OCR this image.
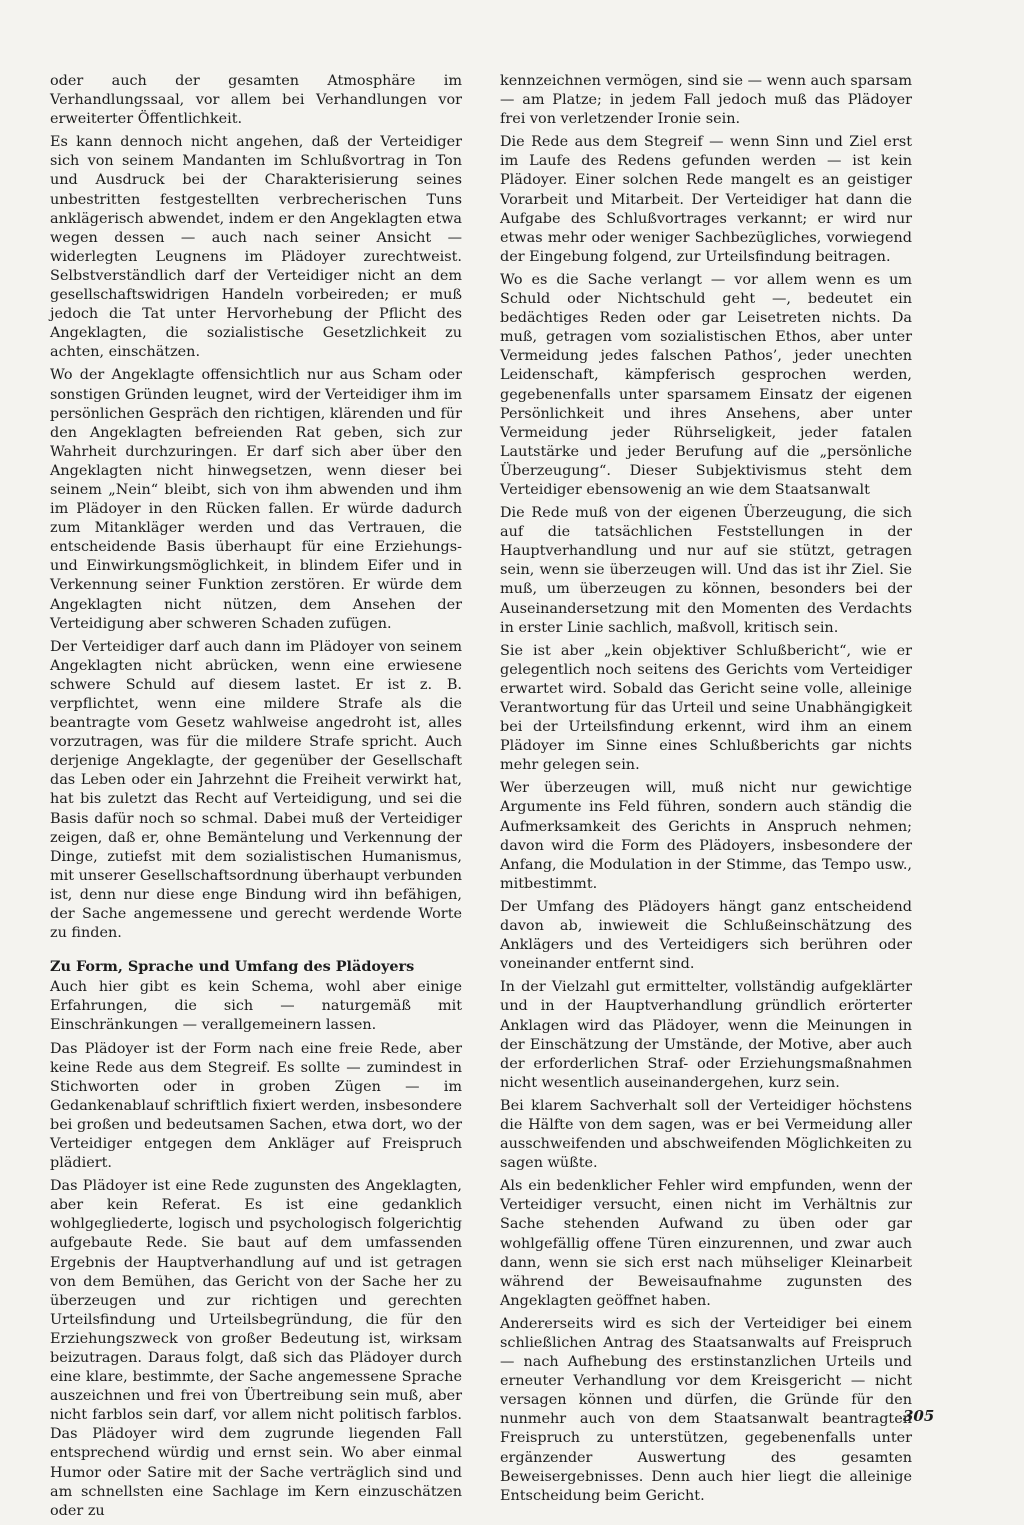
oder auch der gesamten Atmosphäre im Verhandlungssaal, vor allem bei Verhandlungen vor erweiterter Öffentlichkeit.

Es kann dennoch nicht angehen, daß der Verteidiger sich von seinem Mandanten im Schlußvortrag in Ton und Ausdruck bei der Charakterisierung seines unbestritten festgestellten verbrecherischen Tuns anklägerisch abwendet, indem er den Angeklagten etwa wegen dessen — auch nach seiner Ansicht — widerlegten Leugnens im Plädoyer zurechtweist. Selbstverständlich darf der Verteidiger nicht an dem gesellschaftswidrigen Handeln vorbeireden; er muß jedoch die Tat unter Hervorhebung der Pflicht des Angeklagten, die sozialistische Gesetzlichkeit zu achten, einschätzen.

Wo der Angeklagte offensichtlich nur aus Scham oder sonstigen Gründen leugnet, wird der Verteidiger ihm im persönlichen Gespräch den richtigen, klärenden und für den Angeklagten befreienden Rat geben, sich zur Wahrheit durchzuringen. Er darf sich aber über den Angeklagten nicht hinwegsetzen, wenn dieser bei seinem „Nein“ bleibt, sich von ihm abwenden und ihm im Plädoyer in den Rücken fallen. Er würde dadurch zum Mitankläger werden und das Vertrauen, die entscheidende Basis überhaupt für eine Erziehungs- und Einwirkungsmöglichkeit, in blindem Eifer und in Verkennung seiner Funktion zerstören. Er würde dem Angeklagten nicht nützen, dem Ansehen der Verteidigung aber schweren Schaden zufügen.

Der Verteidiger darf auch dann im Plädoyer von seinem Angeklagten nicht abrücken, wenn eine erwiesene schwere Schuld auf diesem lastet. Er ist z. B. verpflichtet, wenn eine mildere Strafe als die beantragte vom Gesetz wahlweise angedroht ist, alles vorzutragen, was für die mildere Strafe spricht. Auch derjenige Angeklagte, der gegenüber der Gesellschaft das Leben oder ein Jahrzehnt die Freiheit verwirkt hat, hat bis zuletzt das Recht auf Verteidigung, und sei die Basis dafür noch so schmal. Dabei muß der Verteidiger zeigen, daß er, ohne Bemäntelung und Verkennung der Dinge, zutiefst mit dem sozialistischen Humanismus, mit unserer Gesellschaftsordnung überhaupt verbunden ist, denn nur diese enge Bindung wird ihn befähigen, der Sache angemessene und gerecht werdende Worte zu finden.

Zu Form, Sprache und Umfang des Plädoyers

Auch hier gibt es kein Schema, wohl aber einige Erfahrungen, die sich — naturgemäß mit Einschränkungen — verallgemeinern lassen.

Das Plädoyer ist der Form nach eine freie Rede, aber keine Rede aus dem Stegreif. Es sollte — zumindest in Stichworten oder in groben Zügen — im Gedankenablauf schriftlich fixiert werden, insbesondere bei großen und bedeutsamen Sachen, etwa dort, wo der Verteidiger entgegen dem Ankläger auf Freispruch plädiert.

Das Plädoyer ist eine Rede zugunsten des Angeklagten, aber kein Referat. Es ist eine gedanklich wohlgegliederte, logisch und psychologisch folgerichtig aufgebaute Rede. Sie baut auf dem umfassenden Ergebnis der Hauptverhandlung auf und ist getragen von dem Bemühen, das Gericht von der Sache her zu überzeugen und zur richtigen und gerechten Urteilsfindung und Urteilsbegründung, die für den Erziehungszweck von großer Bedeutung ist, wirksam beizutragen. Daraus folgt, daß sich das Plädoyer durch eine klare, bestimmte, der Sache angemessene Sprache auszeichnen und frei von Übertreibung sein muß, aber nicht farblos sein darf, vor allem nicht politisch farblos. Das Plädoyer wird dem zugrunde liegenden Fall entsprechend würdig und ernst sein. Wo aber einmal Humor oder Satire mit der Sache verträglich sind und am schnellsten eine Sachlage im Kern einzuschätzen oder zu

kennzeichnen vermögen, sind sie — wenn auch sparsam — am Platze; in jedem Fall jedoch muß das Plädoyer frei von verletzender Ironie sein.

Die Rede aus dem Stegreif — wenn Sinn und Ziel erst im Laufe des Redens gefunden werden — ist kein Plädoyer. Einer solchen Rede mangelt es an geistiger Vorarbeit und Mitarbeit. Der Verteidiger hat dann die Aufgabe des Schlußvortrages verkannt; er wird nur etwas mehr oder weniger Sachbezügliches, vorwiegend der Eingebung folgend, zur Urteilsfindung beitragen.

Wo es die Sache verlangt — vor allem wenn es um Schuld oder Nichtschuld geht —, bedeutet ein bedächtiges Reden oder gar Leisetreten nichts. Da muß, getragen vom sozialistischen Ethos, aber unter Vermeidung jedes falschen Pathos’, jeder unechten Leidenschaft, kämpferisch gesprochen werden, gegebenenfalls unter sparsamem Einsatz der eigenen Persönlichkeit und ihres Ansehens, aber unter Vermeidung jeder Rührseligkeit, jeder fatalen Lautstärke und jeder Berufung auf die „persönliche Überzeugung“. Dieser Subjektivismus steht dem Verteidiger ebensowenig an wie dem Staatsanwalt

Die Rede muß von der eigenen Überzeugung, die sich auf die tatsächlichen Feststellungen in der Hauptverhandlung und nur auf sie stützt, getragen sein, wenn sie überzeugen will. Und das ist ihr Ziel. Sie muß, um überzeugen zu können, besonders bei der Auseinandersetzung mit den Momenten des Verdachts in erster Linie sachlich, maßvoll, kritisch sein.

Sie ist aber „kein objektiver Schlußbericht“, wie er gelegentlich noch seitens des Gerichts vom Verteidiger erwartet wird. Sobald das Gericht seine volle, alleinige Verantwortung für das Urteil und seine Unabhängigkeit bei der Urteilsfindung erkennt, wird ihm an einem Plädoyer im Sinne eines Schlußberichts gar nichts mehr gelegen sein.

Wer überzeugen will, muß nicht nur gewichtige Argumente ins Feld führen, sondern auch ständig die Aufmerksamkeit des Gerichts in Anspruch nehmen; davon wird die Form des Plädoyers, insbesondere der Anfang, die Modulation in der Stimme, das Tempo usw., mitbestimmt.

Der Umfang des Plädoyers hängt ganz entscheidend davon ab, inwieweit die Schlußeinschätzung des Anklägers und des Verteidigers sich berühren oder voneinander entfernt sind.

In der Vielzahl gut ermittelter, vollständig aufgeklärter und in der Hauptverhandlung gründlich erörterter Anklagen wird das Plädoyer, wenn die Meinungen in der Einschätzung der Umstände, der Motive, aber auch der erforderlichen Straf- oder Erziehungsmaßnahmen nicht wesentlich auseinandergehen, kurz sein.

Bei klarem Sachverhalt soll der Verteidiger höchstens die Hälfte von dem sagen, was er bei Vermeidung aller ausschweifenden und abschweifenden Möglichkeiten zu sagen wüßte.

Als ein bedenklicher Fehler wird empfunden, wenn der Verteidiger versucht, einen nicht im Verhältnis zur Sache stehenden Aufwand zu üben oder gar wohlgefällig offene Türen einzurennen, und zwar auch dann, wenn sie sich erst nach mühseliger Kleinarbeit während der Beweisaufnahme zugunsten des Angeklagten geöffnet haben.

Andererseits wird es sich der Verteidiger bei einem schließlichen Antrag des Staatsanwalts auf Freispruch — nach Aufhebung des erstinstanzlichen Urteils und erneuter Verhandlung vor dem Kreisgericht — nicht versagen können und dürfen, die Gründe für den nunmehr auch von dem Staatsanwalt beantragten Freispruch zu unterstützen, gegebenenfalls unter ergänzender Auswertung des gesamten Beweisergebnisses. Denn auch hier liegt die alleinige Entscheidung beim Gericht.

305
